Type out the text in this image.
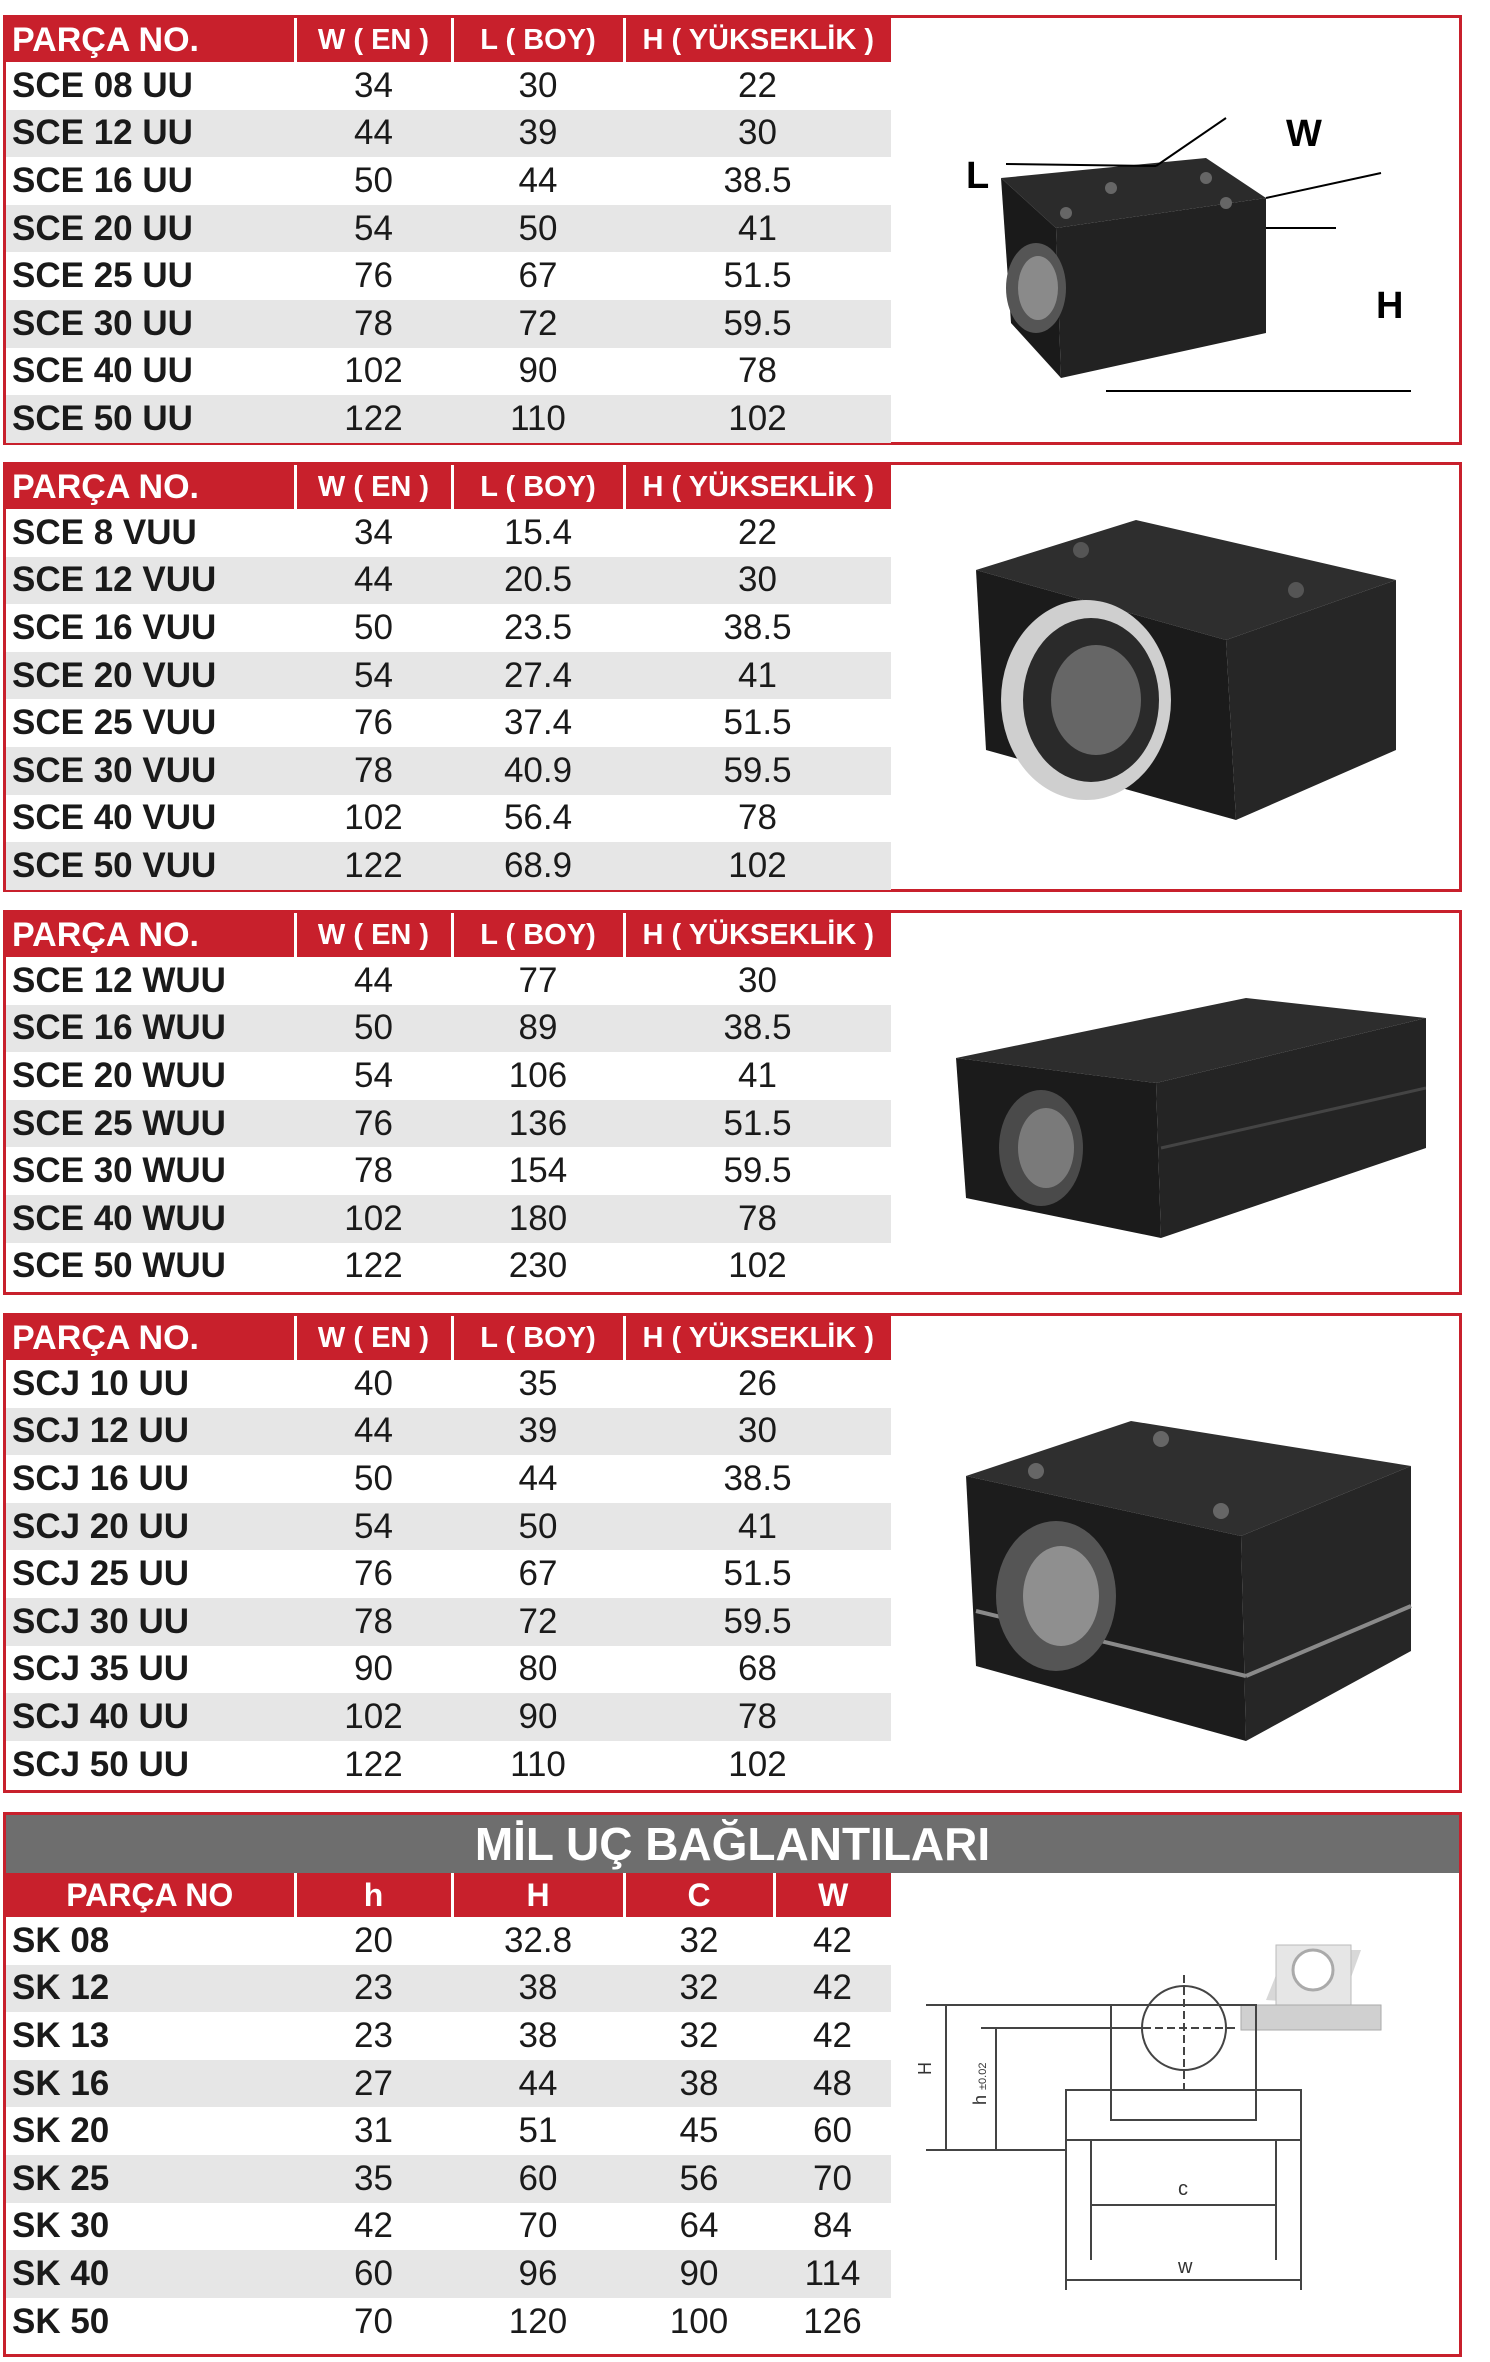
PARÇA NO.	W ( EN )	L ( BOY)	H ( YÜKSEKLİK )
SCE 08 UU	34	30	22
SCE 12 UU	44	39	30
SCE 16 UU	50	44	38.5
SCE 20 UU	54	50	41
SCE 25 UU	76	67	51.5
SCE 30 UU	78	72	59.5
SCE 40 UU	102	90	78
SCE 50 UU	122	110	102
L
W
H
PARÇA NO.	W ( EN )	L ( BOY)	H ( YÜKSEKLİK )
SCE 8 VUU	34	15.4	22
SCE 12 VUU	44	20.5	30
SCE 16 VUU	50	23.5	38.5
SCE 20 VUU	54	27.4	41
SCE 25 VUU	76	37.4	51.5
SCE 30 VUU	78	40.9	59.5
SCE 40 VUU	102	56.4	78
SCE 50 VUU	122	68.9	102
PARÇA NO.	W ( EN )	L ( BOY)	H ( YÜKSEKLİK )
SCE 12 WUU	44	77	30
SCE 16 WUU	50	89	38.5
SCE 20 WUU	54	106	41
SCE 25 WUU	76	136	51.5
SCE 30 WUU	78	154	59.5
SCE 40 WUU	102	180	78
SCE 50 WUU	122	230	102
PARÇA NO.	W ( EN )	L ( BOY)	H ( YÜKSEKLİK )
SCJ 10 UU	40	35	26
SCJ 12 UU	44	39	30
SCJ 16 UU	50	44	38.5
SCJ 20 UU	54	50	41
SCJ 25 UU	76	67	51.5
SCJ 30 UU	78	72	59.5
SCJ 35 UU	90	80	68
SCJ 40 UU	102	90	78
SCJ 50 UU	122	110	102
MİL UÇ BAĞLANTILARI
PARÇA NO	h	H	C	W
SK 08	20	32.8	32	42
SK 12	23	38	32	42
SK 13	23	38	32	42
SK 16	27	44	38	48
SK 20	31	51	45	60
SK 25	35	60	56	70
SK 30	42	70	64	84
SK 40	60	96	90	114
SK 50	70	120	100	126
H
h
±0.02
c
w
